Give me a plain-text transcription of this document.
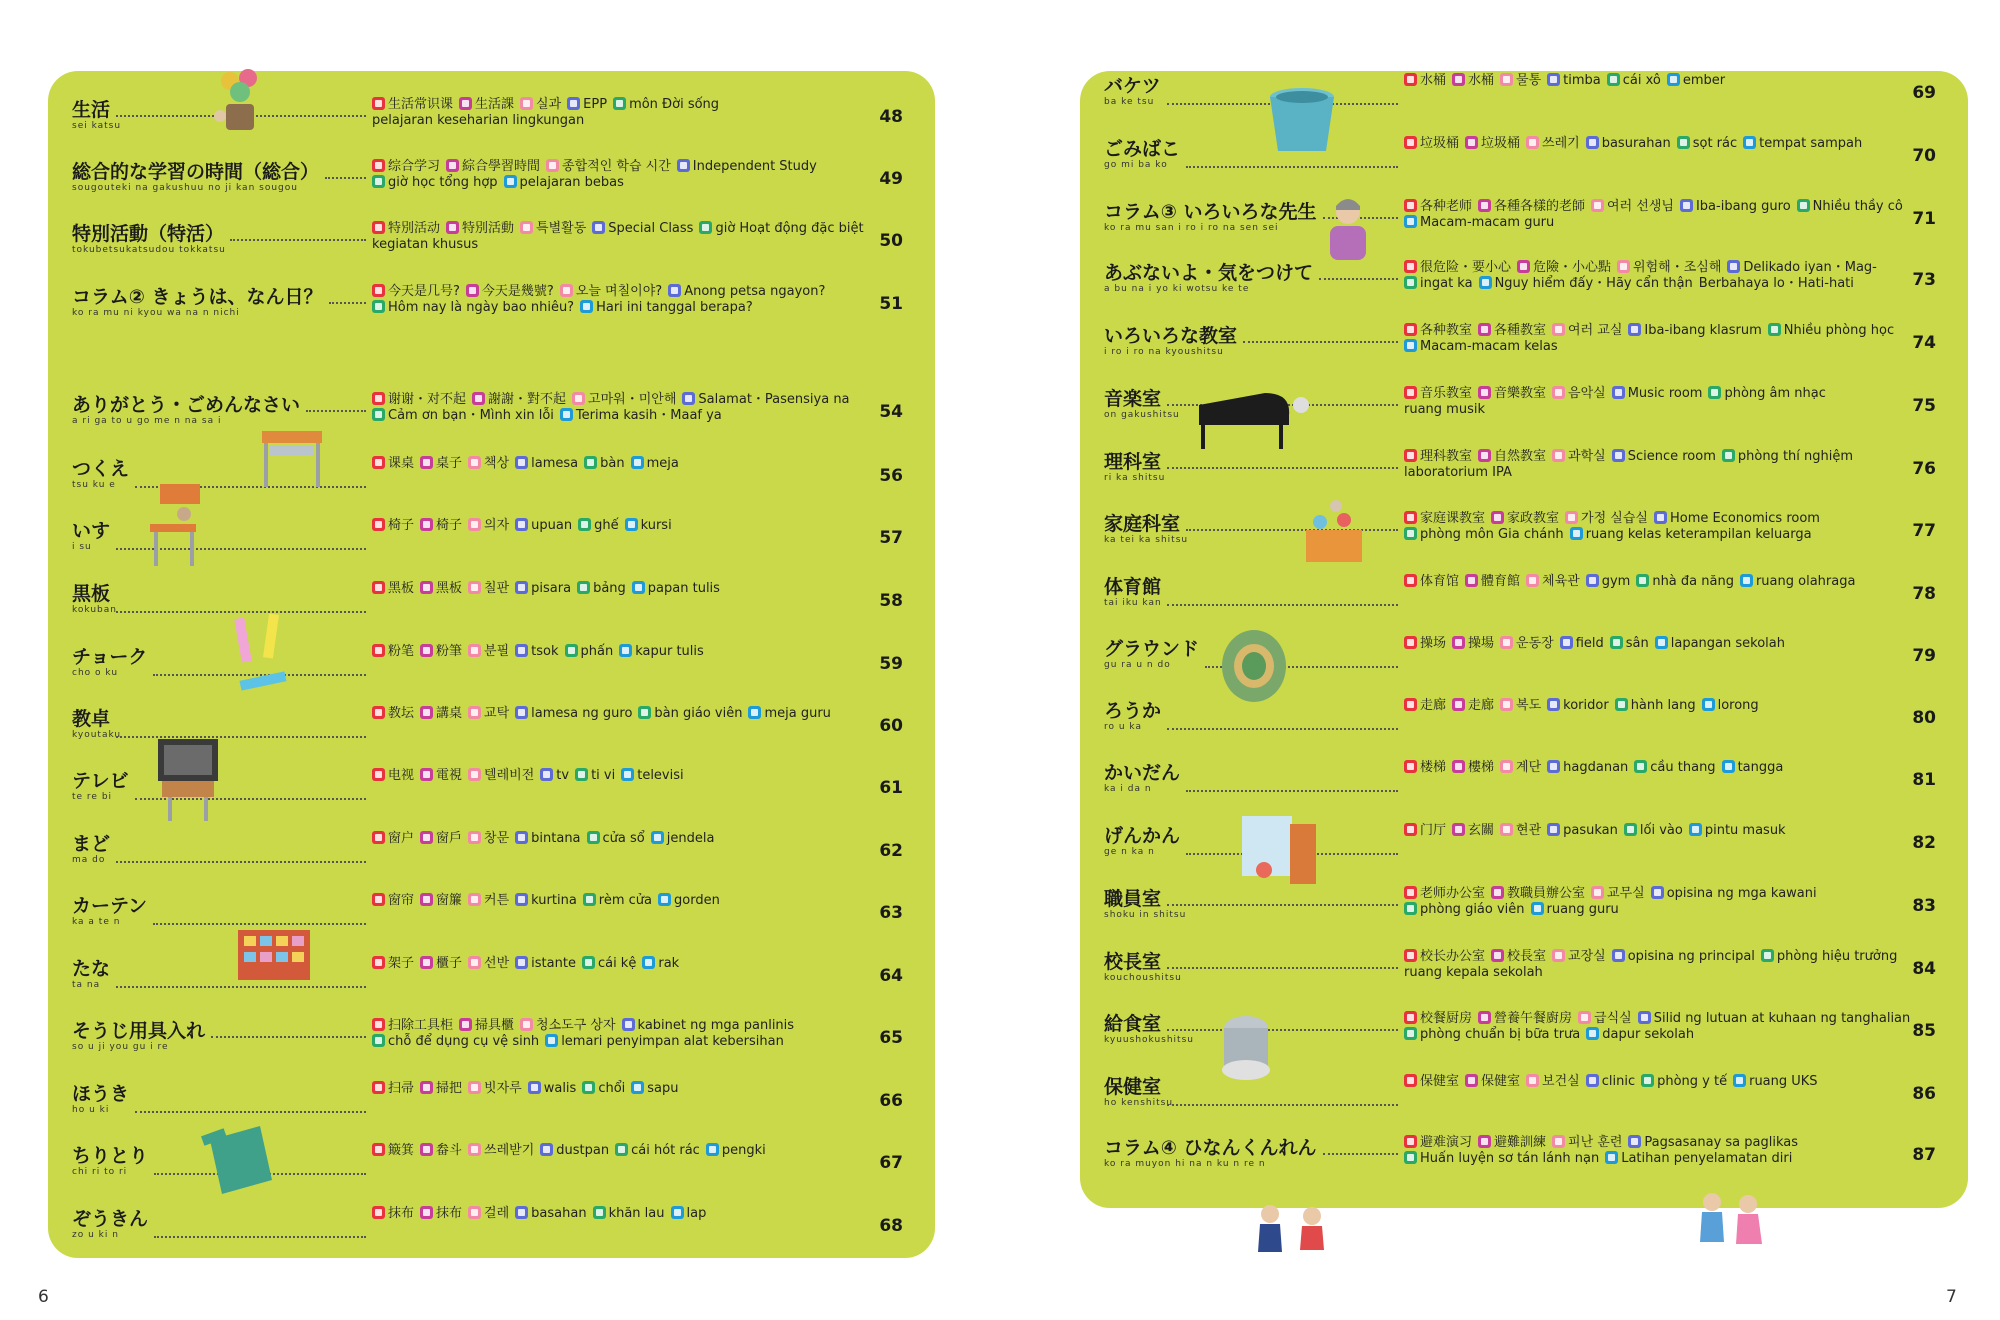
生活
sei katsu
生活常识课 生活課 실과 EPP môn Đời sống
pelajaran keseharian lingkungan	48
総合的な学習の時間（総合）
sougouteki na gakushuu no ji kan sougou
综合学习 綜合學習時間 종합적인 학습 시간 Independent Study
giờ học tổng hợp pelajaran bebas	49
特別活動（特活）
tokubetsukatsudou tokkatsu
特別活动 特別活動 특별활동 Special Class giờ Hoạt động đặc biệt
kegiatan khusus	50
コラム② きょうは、なん日？
ko ra mu ni kyou wa na n nichi
今天是几号? 今天是幾號? 오늘 며칠이야? Anong petsa ngayon?
Hôm nay là ngày bao nhiêu? Hari ini tanggal berapa?	51
ありがとう・ごめんなさい
a ri ga to u go me n na sa i
谢谢・对不起 謝謝・對不起 고마워・미안해 Salamat・Pasensiya na
Cảm ơn bạn・Mình xin lỗi Terima kasih・Maaf ya	54
つくえ
tsu ku e
课桌 桌子 책상 lamesa bàn meja
56
いす
i su
椅子 椅子 의자 upuan ghế kursi
57
黒板
kokuban
黑板 黑板 칠판 pisara bảng papan tulis
58
チョーク
cho o ku
粉笔 粉筆 분필 tsok phấn kapur tulis
59
教卓
kyoutaku
教坛 講桌 교탁 lamesa ng guro bàn giáo viên meja guru
60
テレビ
te re bi
电视 電視 텔레비전 tv ti vi televisi
61
まど
ma do
窗户 窗戶 창문 bintana cửa sổ jendela
62
カーテン
ka a te n
窗帘 窗簾 커튼 kurtina rèm cửa gorden
63
たな
ta na
架子 櫃子 선반 istante cái kệ rak
64
そうじ用具入れ
so u ji you gu i re
扫除工具柜 掃具櫃 청소도구 상자 kabinet ng mga panlinis
chỗ để dụng cụ vệ sinh lemari penyimpan alat kebersihan	65
ほうき
ho u ki
扫帚 掃把 빗자루 walis chổi sapu
66
ちりとり
chi ri to ri
簸箕 畚斗 쓰레받기 dustpan cái hót rác pengki
67
ぞうきん
zo u ki n
抹布 抹布 걸레 basahan khăn lau lap
68
バケツ
ba ke tsu
水桶 水桶 물통 timba cái xô ember
69
ごみばこ
go mi ba ko
垃圾桶 垃圾桶 쓰레기 basurahan sọt rác tempat sampah
70
コラム③ いろいろな先生
ko ra mu san i ro i ro na sen sei
各种老师 各種各樣的老師 여러 선생님 Iba-ibang guro Nhiều thầy cô
Macam-macam guru	71
あぶないよ・気をつけて
a bu na i yo ki wotsu ke te
很危险・要小心 危險・小心點 위험해・조심해 Delikado iyan・Mag-
ingat ka Nguy hiểm đấy・Hãy cẩn thận Berbahaya lo・Hati-hati	73
いろいろな教室
i ro i ro na kyoushitsu
各种教室 各種教室 여러 교실 Iba-ibang klasrum Nhiều phòng học
Macam-macam kelas	74
音楽室
on gakushitsu
音乐教室 音樂教室 음악실 Music room phòng âm nhạc
ruang musik	75
理科室
ri ka shitsu
理科教室 自然教室 과학실 Science room phòng thí nghiệm
laboratorium IPA	76
家庭科室
ka tei ka shitsu
家庭课教室 家政教室 가정 실습실 Home Economics room
phòng môn Gia chánh ruang kelas keterampilan keluarga	77
体育館
tai iku kan
体育馆 體育館 체육관 gym nhà đa năng ruang olahraga
78
グラウンド
gu ra u n do
操场 操場 운동장 field sân lapangan sekolah
79
ろうか
ro u ka
走廊 走廊 복도 koridor hành lang lorong
80
かいだん
ka i da n
楼梯 樓梯 계단 hagdanan cầu thang tangga
81
げんかん
ge n ka n
门厅 玄關 현관 pasukan lối vào pintu masuk
82
職員室
shoku in shitsu
老师办公室 教職員辦公室 교무실 opisina ng mga kawani
phòng giáo viên ruang guru	83
校長室
kouchoushitsu
校长办公室 校長室 교장실 opisina ng principal phòng hiệu trưởng
ruang kepala sekolah	84
給食室
kyuushokushitsu
校餐厨房 營養午餐廚房 급식실 Silid ng lutuan at kuhaan ng tanghalian
phòng chuẩn bị bữa trưa dapur sekolah	85
保健室
ho kenshitsu
保健室 保健室 보건실 clinic phòng y tế ruang UKS
86
コラム④ ひなんくんれん
ko ra muyon hi na n ku n re n
避难演习 避難訓練 피난 훈련 Pagsasanay sa paglikas
Huấn luyện sơ tán lánh nạn Latihan penyelamatan diri	87
6	7
